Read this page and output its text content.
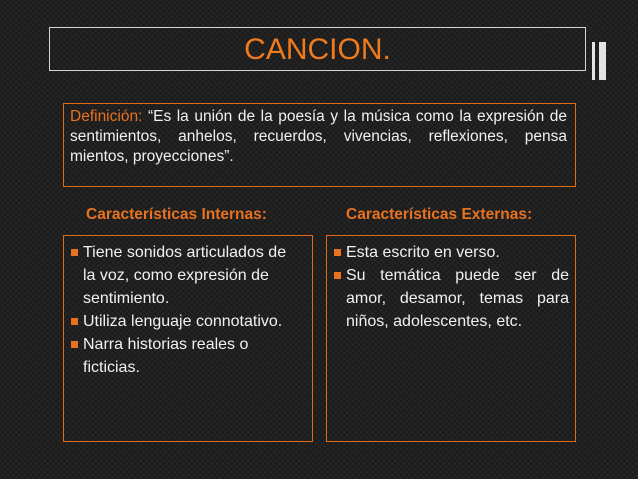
CANCION.
Definición: “Es la unión de la poesía y la música como la expresión de sentimientos, anhelos, recuerdos, vivencias, reflexiones, pensa mientos, proyecciones”.
Características Internas:	Características Externas:
Tiene sonidos articulados de la voz, como expresión de sentimiento.
Utiliza lenguaje connotativo.
Narra historias reales o ficticias.
Esta escrito en verso.
Su temática puede ser de amor, desamor, temas para niños, adolescentes, etc.
